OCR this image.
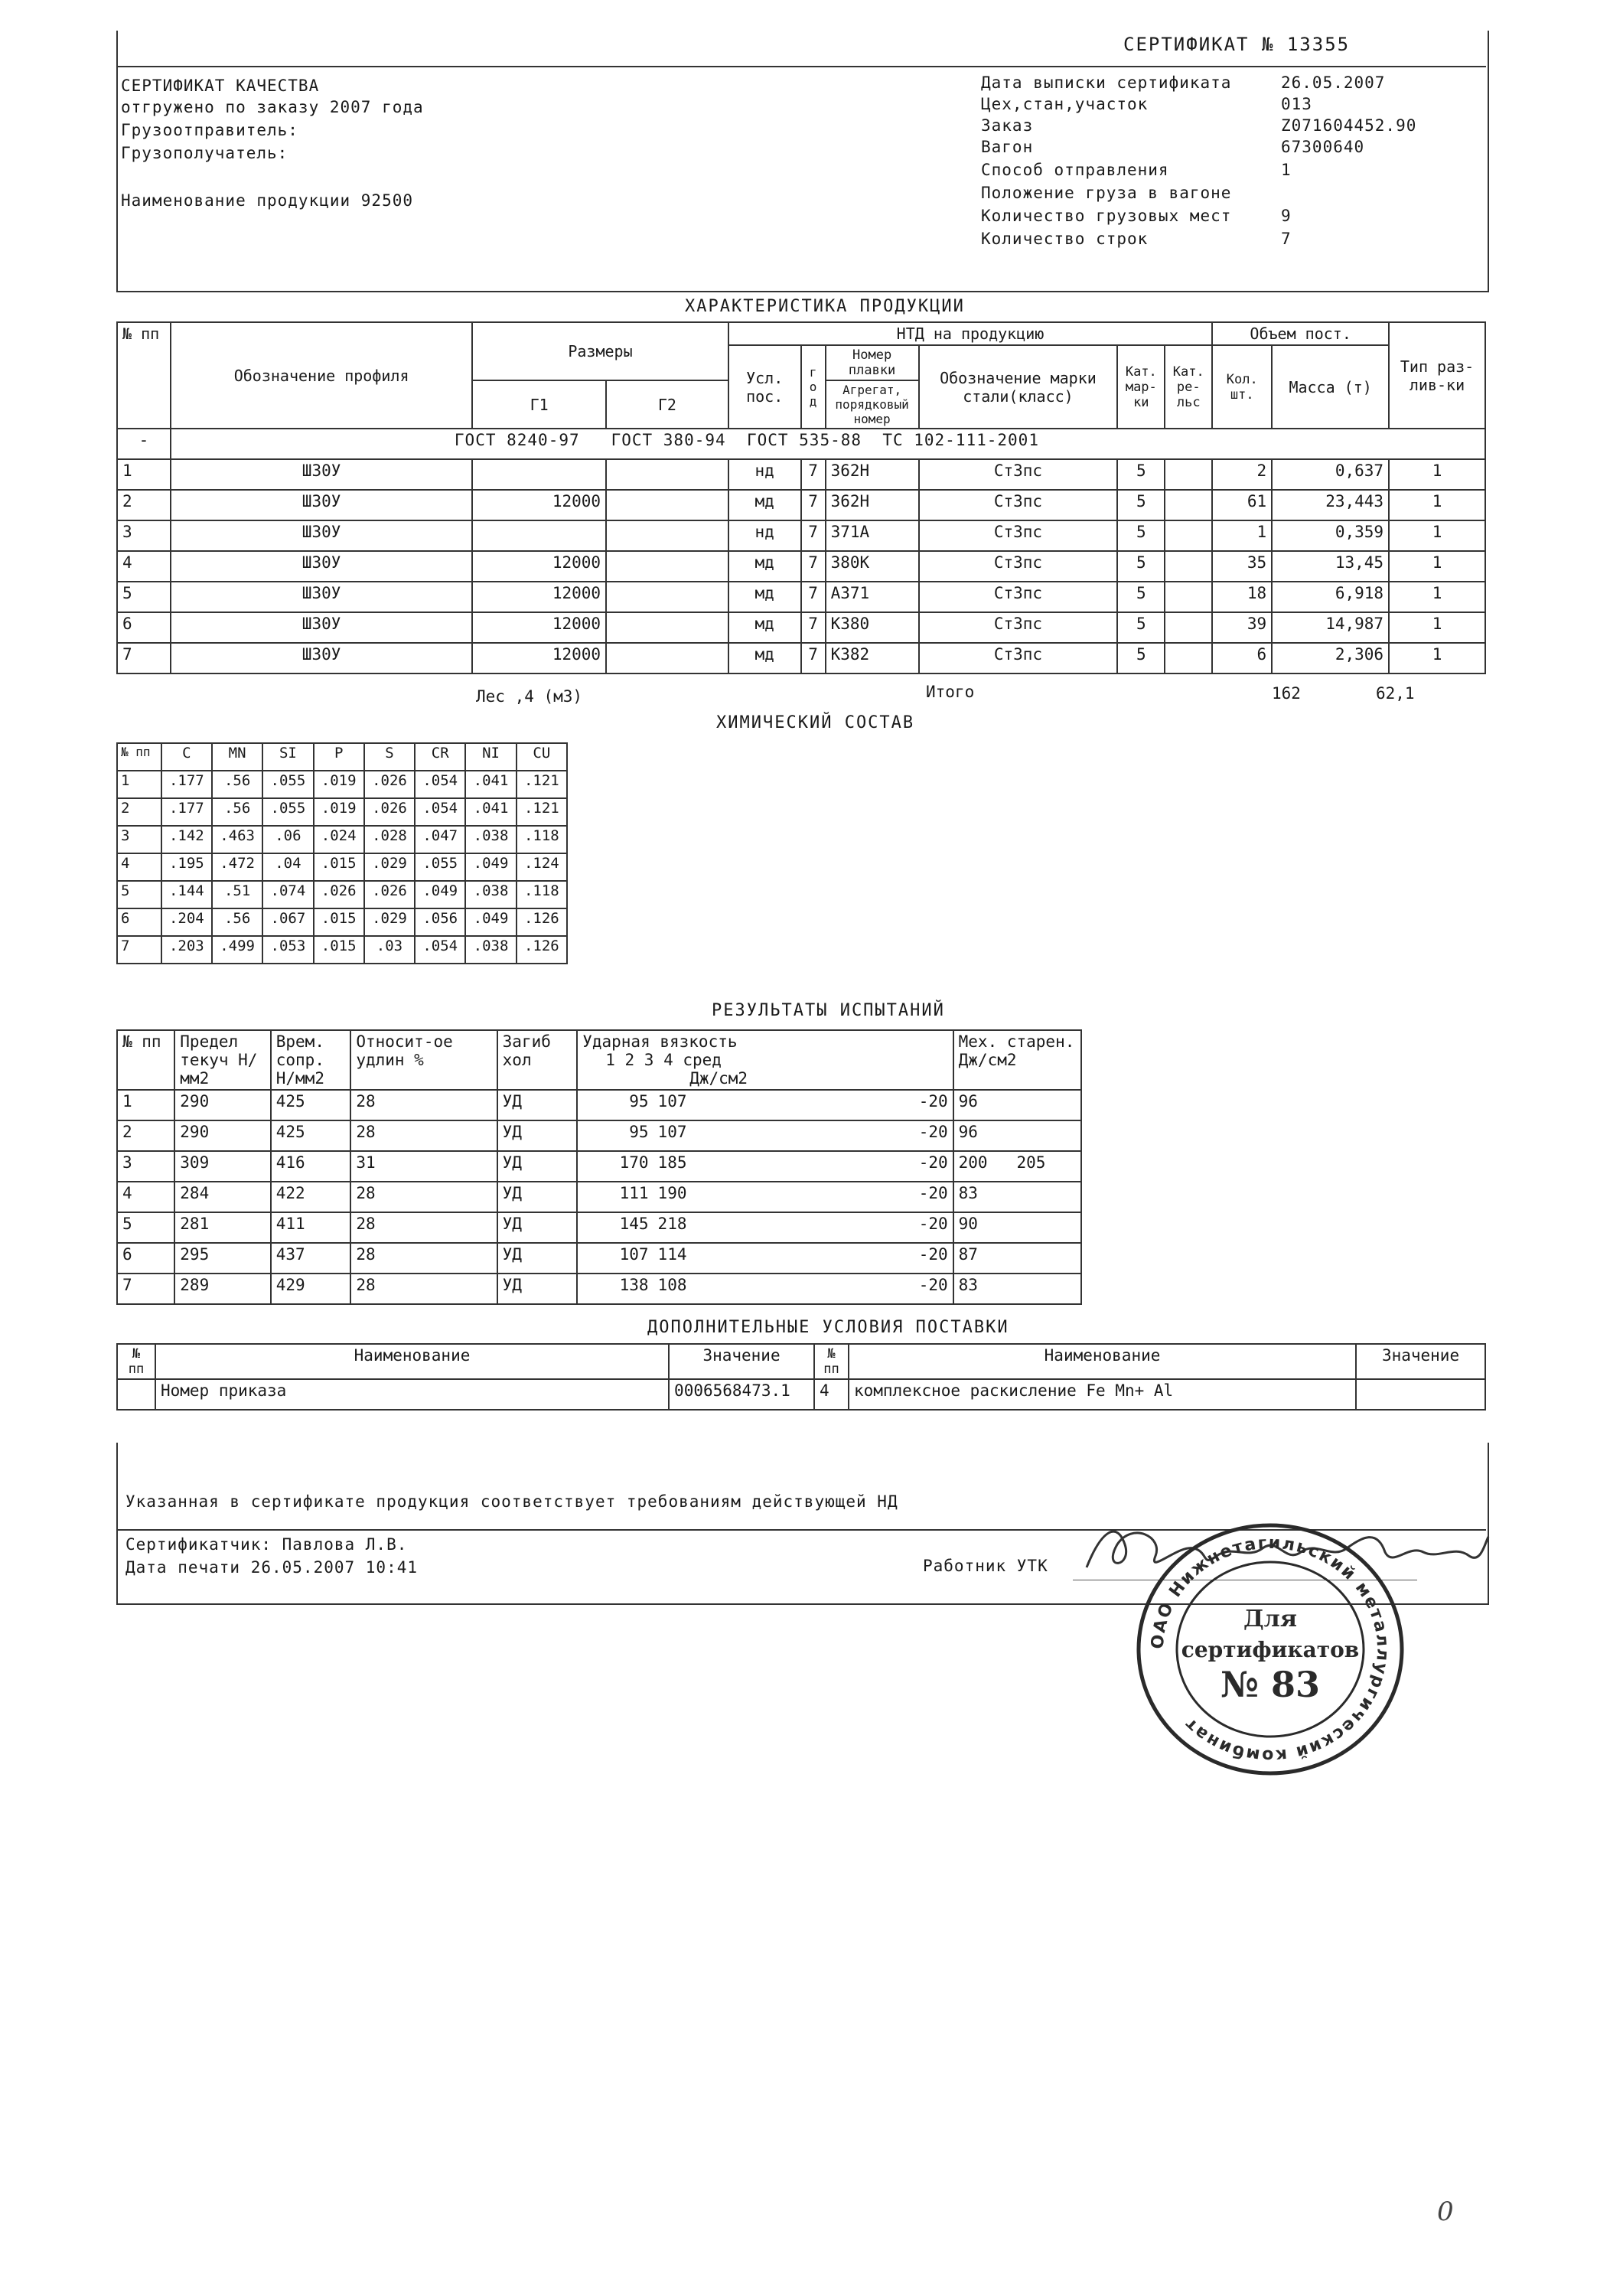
СЕРТИФИКАТ № 13355
СЕРТИФИКАТ КАЧЕСТВА
отгружено по заказу 2007 года
Грузоотправитель:
Грузополучатель:
Наименование продукции 92500
Дата выписки сертификата	26.05.2007
Цех,стан,участок	013
Заказ	Z071604452.90
Вагон	67300640
Способ отправления	1
Положение груза в вагоне
Количество грузовых мест	9
Количество строк	7
ХАРАКТЕРИСТИКА ПРОДУКЦИИ
№ пп	Обозначение профиля	Размеры		НТД на продукцию						Объем пост.		Тип раз-лив-ки
				Усл. пос.	г о д	Номер плавки	Обозначение марки стали(класс)	Кат. мар-ки	Кат. ре-льс	Кол. шт.	Масса (т)	
		Г1	Г2			Агрегат, порядковый номер						
-	ГОСТ 8240-97 ГОСТ 380-94 ГОСТ 535-88 ТС 102-111-2001											
1	Ш30У			нд	7	362Н	Ст3пс	5		2	0,637	1
2	Ш30У	12000		мд	7	362Н	Ст3пс	5		61	23,443	1
3	Ш30У			нд	7	371А	Ст3пс	5		1	0,359	1
4	Ш30У	12000		мд	7	380К	Ст3пс	5		35	13,45	1
5	Ш30У	12000		мд	7	А371	Ст3пс	5		18	6,918	1
6	Ш30У	12000		мд	7	К380	Ст3пс	5		39	14,987	1
7	Ш30У	12000		мд	7	К382	Ст3пс	5		6	2,306	1
Лес ,4 (м3)	Итого	162	62,1
ХИМИЧЕСКИЙ СОСТАВ
№ пп	C	MN	SI	P	S	CR	NI	CU
1	.177	.56	.055	.019	.026	.054	.041	.121
2	.177	.56	.055	.019	.026	.054	.041	.121
3	.142	.463	.06	.024	.028	.047	.038	.118
4	.195	.472	.04	.015	.029	.055	.049	.124
5	.144	.51	.074	.026	.026	.049	.038	.118
6	.204	.56	.067	.015	.029	.056	.049	.126
7	.203	.499	.053	.015	.03	.054	.038	.126
РЕЗУЛЬТАТЫ ИСПЫТАНИЙ
№ пп	Предел текуч Н/мм2	Врем. сопр. Н/мм2	Относит-ое удлин %	Загиб хол	Ударная вязкость
1 2 3 4 сред
Дж/см2			Мех. старен. Дж/см2
1	290	425	28	УД	95	107	-20	96
2	290	425	28	УД	95	107	-20	96
3	309	416	31	УД	170	185	-20	200   205
4	284	422	28	УД	111	190	-20	83
5	281	411	28	УД	145	218	-20	90
6	295	437	28	УД	107	114	-20	87
7	289	429	28	УД	138	108	-20	83
ДОПОЛНИТЕЛЬНЫЕ УСЛОВИЯ ПОСТАВКИ
№ пп	Наименование	Значение	№ пп	Наименование	Значение
	Номер приказа	0006568473.1	4	комплексное раскисление Fe Mn+ Al	
Указанная в сертификате продукция соответствует требованиям действующей НД
Сертификатчик: Павлова Л.В.
Дата печати 26.05.2007 10:41	Работник УТК
ОАО Нижнетагильский металлургический комбинат
Для
сертификатов
№ 83
0
